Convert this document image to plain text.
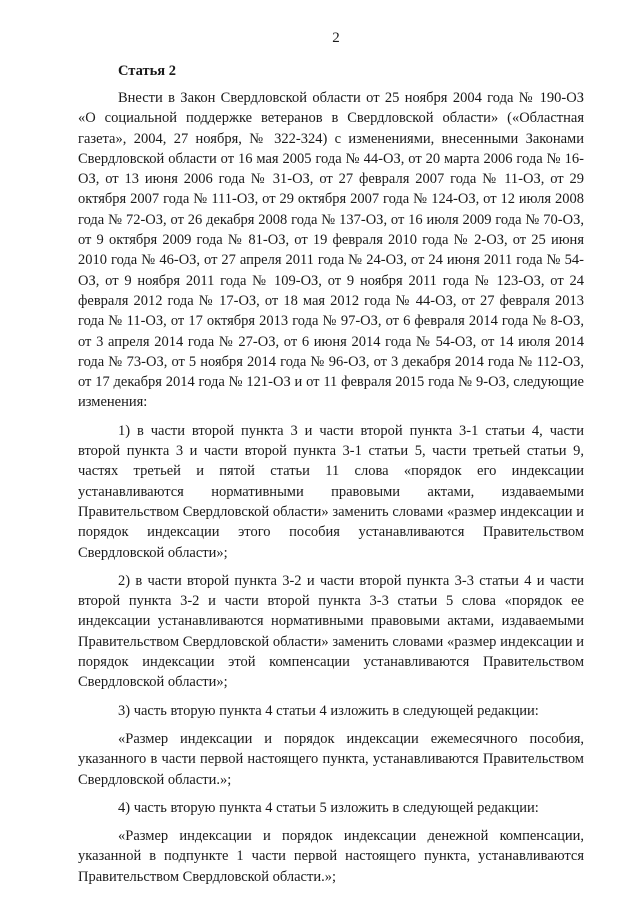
2
Статья 2

Внести в Закон Свердловской области от 25 ноября 2004 года № 190-ОЗ «О социальной поддержке ветеранов в Свердловской области» («Областная газета», 2004, 27 ноября, № 322-324) с изменениями, внесенными Законами Свердловской области от 16 мая 2005 года № 44-ОЗ, от 20 марта 2006 года № 16-ОЗ, от 13 июня 2006 года № 31-ОЗ, от 27 февраля 2007 года № 11-ОЗ, от 29 октября 2007 года № 111-ОЗ, от 29 октября 2007 года № 124-ОЗ, от 12 июля 2008 года № 72-ОЗ, от 26 декабря 2008 года № 137-ОЗ, от 16 июля 2009 года № 70-ОЗ, от 9 октября 2009 года № 81-ОЗ, от 19 февраля 2010 года № 2-ОЗ, от 25 июня 2010 года № 46-ОЗ, от 27 апреля 2011 года № 24-ОЗ, от 24 июня 2011 года № 54-ОЗ, от 9 ноября 2011 года № 109-ОЗ, от 9 ноября 2011 года № 123-ОЗ, от 24 февраля 2012 года № 17-ОЗ, от 18 мая 2012 года № 44-ОЗ, от 27 февраля 2013 года № 11-ОЗ, от 17 октября 2013 года № 97-ОЗ, от 6 февраля 2014 года № 8-ОЗ, от 3 апреля 2014 года № 27-ОЗ, от 6 июня 2014 года № 54-ОЗ, от 14 июля 2014 года № 73-ОЗ, от 5 ноября 2014 года № 96-ОЗ, от 3 декабря 2014 года № 112-ОЗ, от 17 декабря 2014 года № 121-ОЗ и от 11 февраля 2015 года № 9-ОЗ, следующие изменения:

1) в части второй пункта 3 и части второй пункта 3-1 статьи 4, части второй пункта 3 и части второй пункта 3-1 статьи 5, части третьей статьи 9, частях третьей и пятой статьи 11 слова «порядок его индексации устанавливаются нормативными правовыми актами, издаваемыми Правительством Свердловской области» заменить словами «размер индексации и порядок индексации этого пособия устанавливаются Правительством Свердловской области»;

2) в части второй пункта 3-2 и части второй пункта 3-3 статьи 4 и части второй пункта 3-2 и части второй пункта 3-3 статьи 5 слова «порядок ее индексации устанавливаются нормативными правовыми актами, издаваемыми Правительством Свердловской области» заменить словами «размер индексации и порядок индексации этой компенсации устанавливаются Правительством Свердловской области»;

3) часть вторую пункта 4 статьи 4 изложить в следующей редакции:

«Размер индексации и порядок индексации ежемесячного пособия, указанного в части первой настоящего пункта, устанавливаются Правительством Свердловской области.»;

4) часть вторую пункта 4 статьи 5 изложить в следующей редакции:

«Размер индексации и порядок индексации денежной компенсации, указанной в подпункте 1 части первой настоящего пункта, устанавливаются Правительством Свердловской области.»;
